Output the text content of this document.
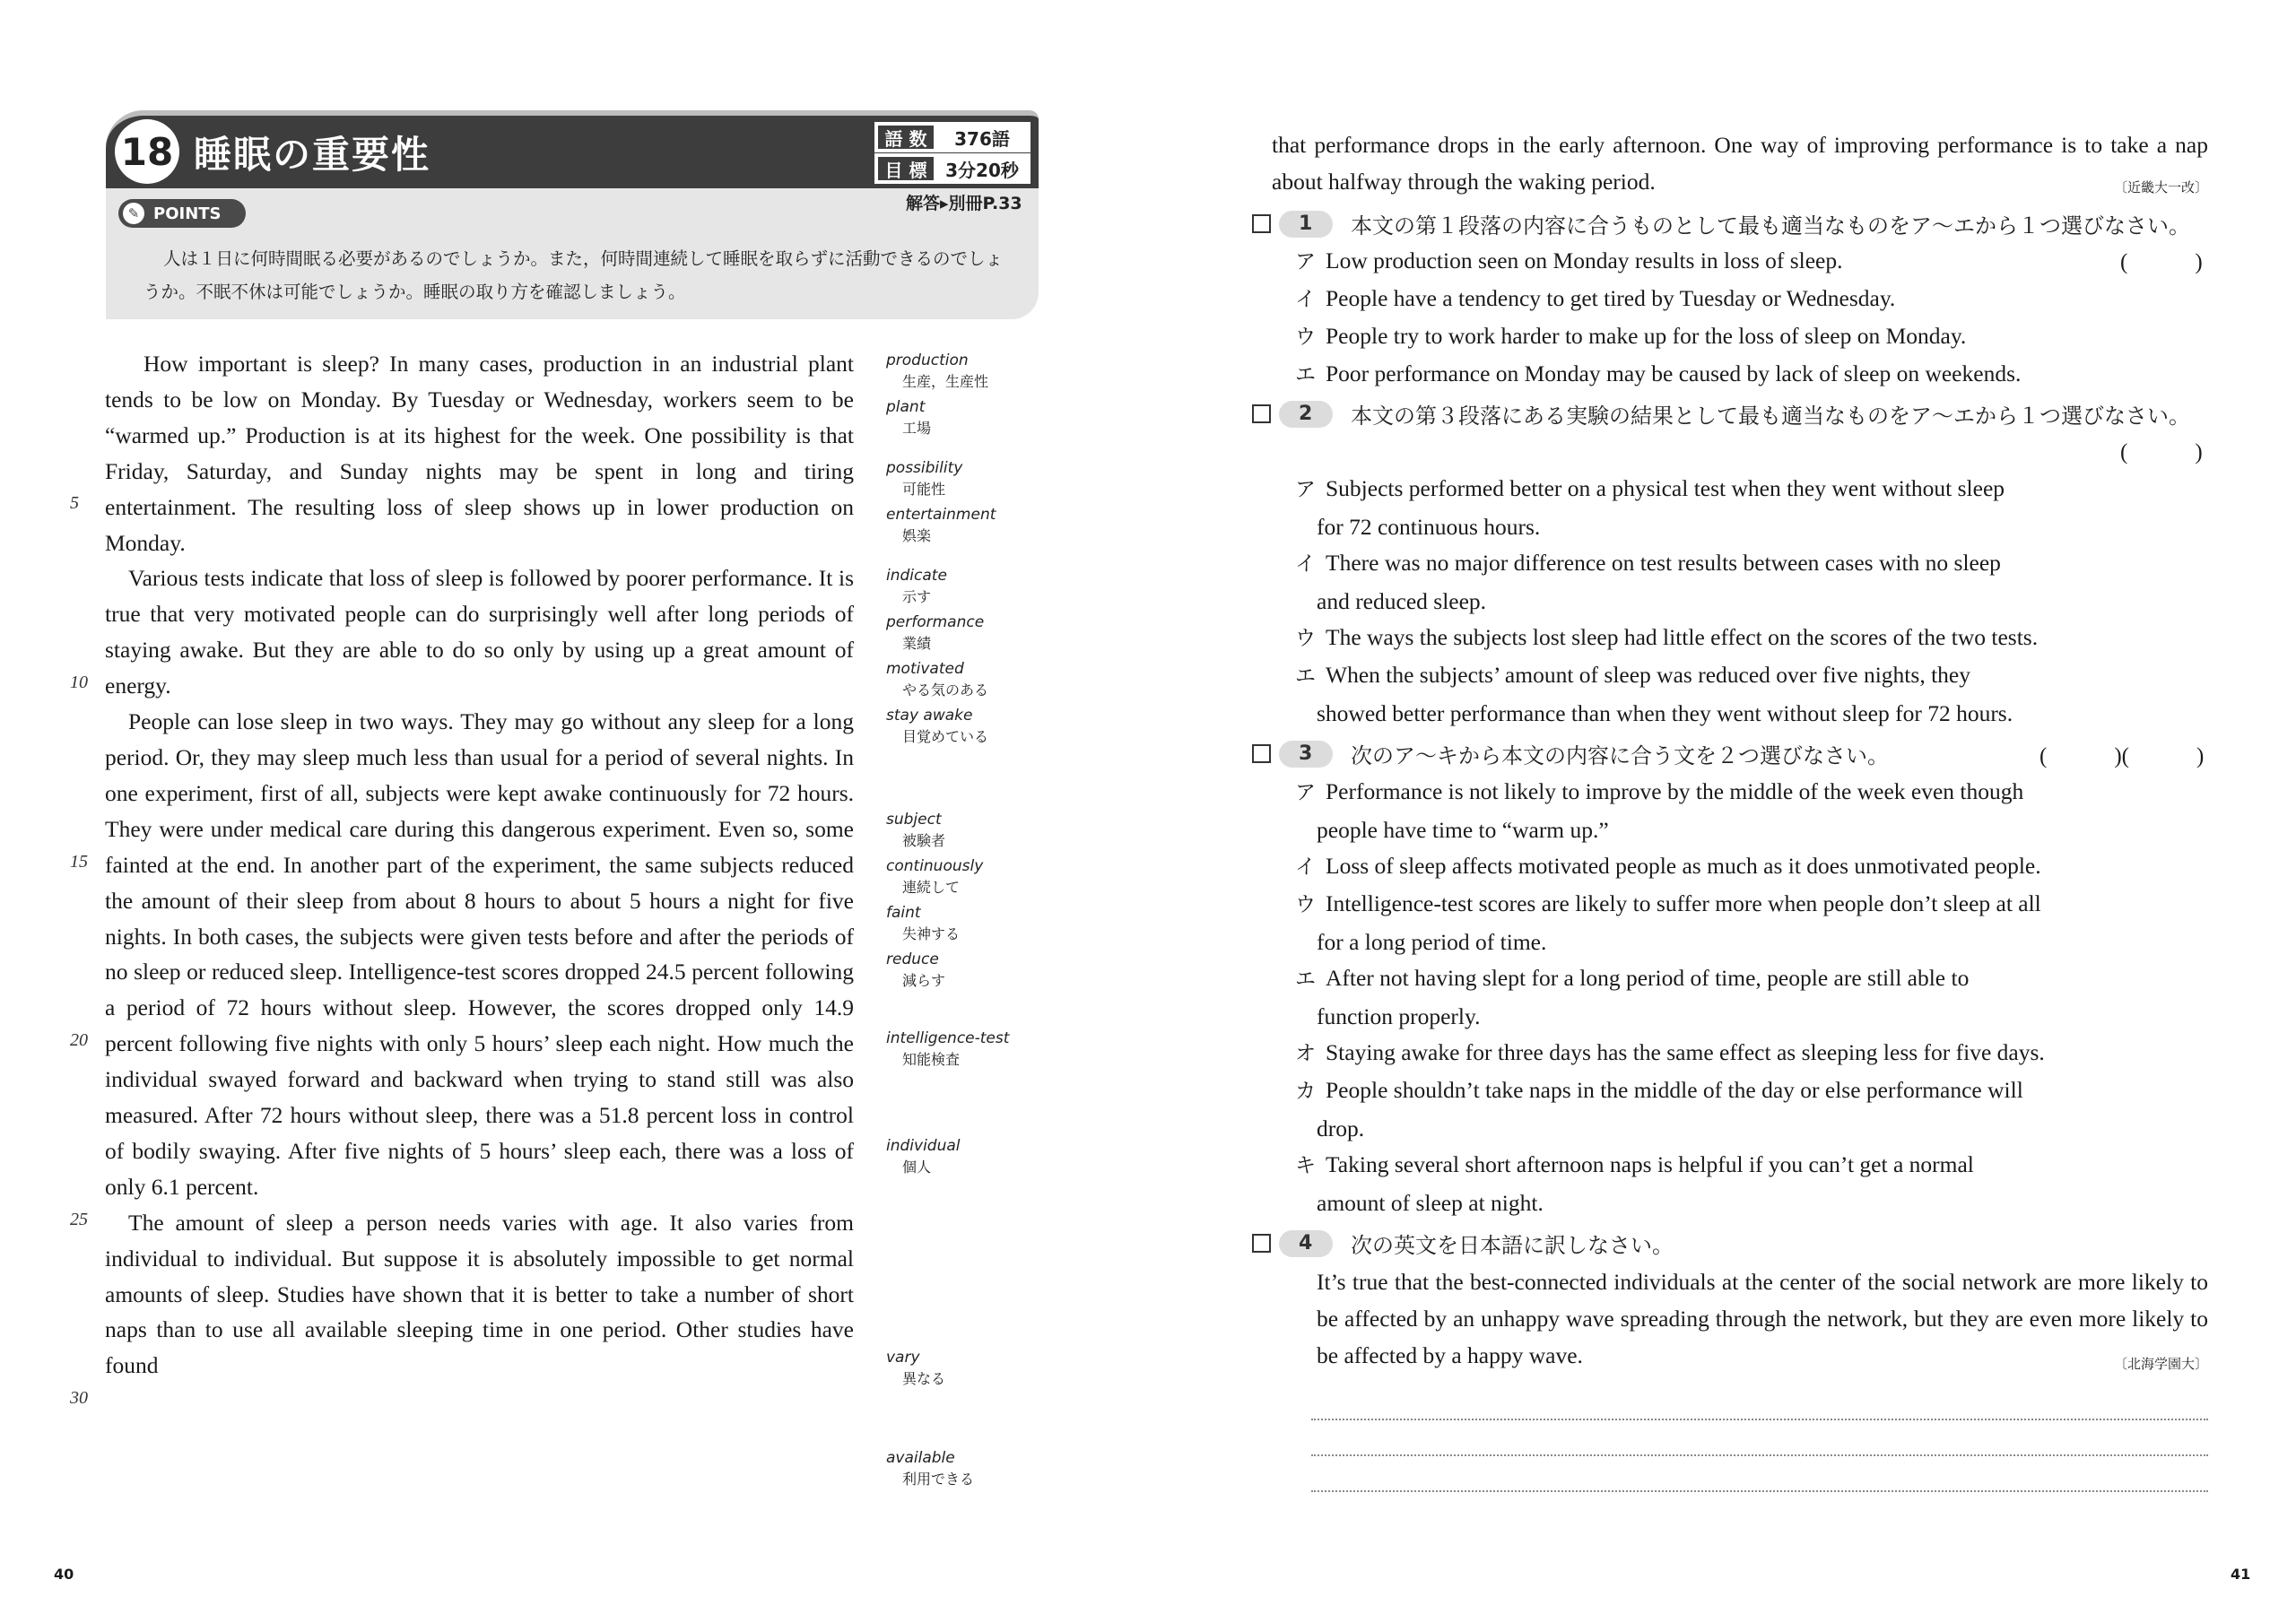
18 睡眠の重要性	語 数	376語
目 標	3分20秒
✎ POINTS	解答▸別冊P.33
人は１日に何時間眠る必要があるのでしょうか。また，何時間連続して睡眠を取らずに活動できるのでしょうか。不眠不休は可能でしょうか。睡眠の取り方を確認しましょう。

How important is sleep? In many cases, production in an industrial plant tends to be low on Monday. By Tuesday or Wednesday, workers seem to be “warmed up.” Production is at its highest for the week. One possibility is that Friday, Saturday, and Sunday nights may be spent in long and tiring entertainment. The resulting loss of sleep shows up in lower production on Monday.

Various tests indicate that loss of sleep is followed by poorer performance. It is true that very motivated people can do surprisingly well after long periods of staying awake. But they are able to do so only by using up a great amount of energy.

People can lose sleep in two ways. They may go without any sleep for a long period. Or, they may sleep much less than usual for a period of several nights. In one experiment, first of all, subjects were kept awake continuously for 72 hours. They were under medical care during this dangerous experiment. Even so, some fainted at the end. In another part of the experiment, the same subjects reduced the amount of their sleep from about 8 hours to about 5 hours a night for five nights. In both cases, the subjects were given tests before and after the periods of no sleep or reduced sleep. Intelligence-test scores dropped 24.5 percent following a period of 72 hours without sleep. However, the scores dropped only 14.9 percent following five nights with only 5 hours’ sleep each night. How much the individual swayed forward and backward when trying to stand still was also measured. After 72 hours without sleep, there was a 51.8 percent loss in control of bodily swaying. After five nights of 5 hours’ sleep each, there was a loss of only 6.1 percent.

The amount of sleep a person needs varies with age. It also varies from individual to individual. But suppose it is absolutely impossible to get normal amounts of sleep. Studies have shown that it is better to take a number of short naps than to use all available sleeping time in one period. Other studies have found

5
10
15
20
25
30
production
生産，生産性
plant
工場
possibility
可能性
entertainment
娯楽
indicate
示す
performance
業績
motivated
やる気のある
stay awake
目覚めている
subject
被験者
continuously
連続して
faint
失神する
reduce
減らす
intelligence-test
知能検査
individual
個人
vary
異なる
available
利用できる
40
that performance drops in the early afternoon. One way of improving performance is to take a nap about halfway through the waking period.	〔近畿大一改〕
1	本文の第１段落の内容に合うものとして最も適当なものをア〜エから１つ選びなさい。
ア Low production seen on Monday results in loss of sleep.	(　　　)
イ People have a tendency to get tired by Tuesday or Wednesday.
ウ People try to work harder to make up for the loss of sleep on Monday.
エ Poor performance on Monday may be caused by lack of sleep on weekends.
2	本文の第３段落にある実験の結果として最も適当なものをア〜エから１つ選びなさい。
(　　　)
ア Subjects performed better on a physical test when they went without sleep
for 72 continuous hours.
イ There was no major difference on test results between cases with no sleep
and reduced sleep.
ウ The ways the subjects lost sleep had little effect on the scores of the two tests.
エ When the subjects’ amount of sleep was reduced over five nights, they
showed better performance than when they went without sleep for 72 hours.
3	次のア〜キから本文の内容に合う文を２つ選びなさい。	(　　　)(　　　)
ア Performance is not likely to improve by the middle of the week even though
people have time to “warm up.”
イ Loss of sleep affects motivated people as much as it does unmotivated people.
ウ Intelligence-test scores are likely to suffer more when people don’t sleep at all
for a long period of time.
エ After not having slept for a long period of time, people are still able to
function properly.
オ Staying awake for three days has the same effect as sleeping less for five days.
カ People shouldn’t take naps in the middle of the day or else performance will
drop.
キ Taking several short afternoon naps is helpful if you can’t get a normal
amount of sleep at night.
4	次の英文を日本語に訳しなさい。
It’s true that the best-connected individuals at the center of the social network are more likely to be affected by an unhappy wave spreading through the network, but they are even more likely to be affected by a happy wave.	〔北海学園大〕
41
